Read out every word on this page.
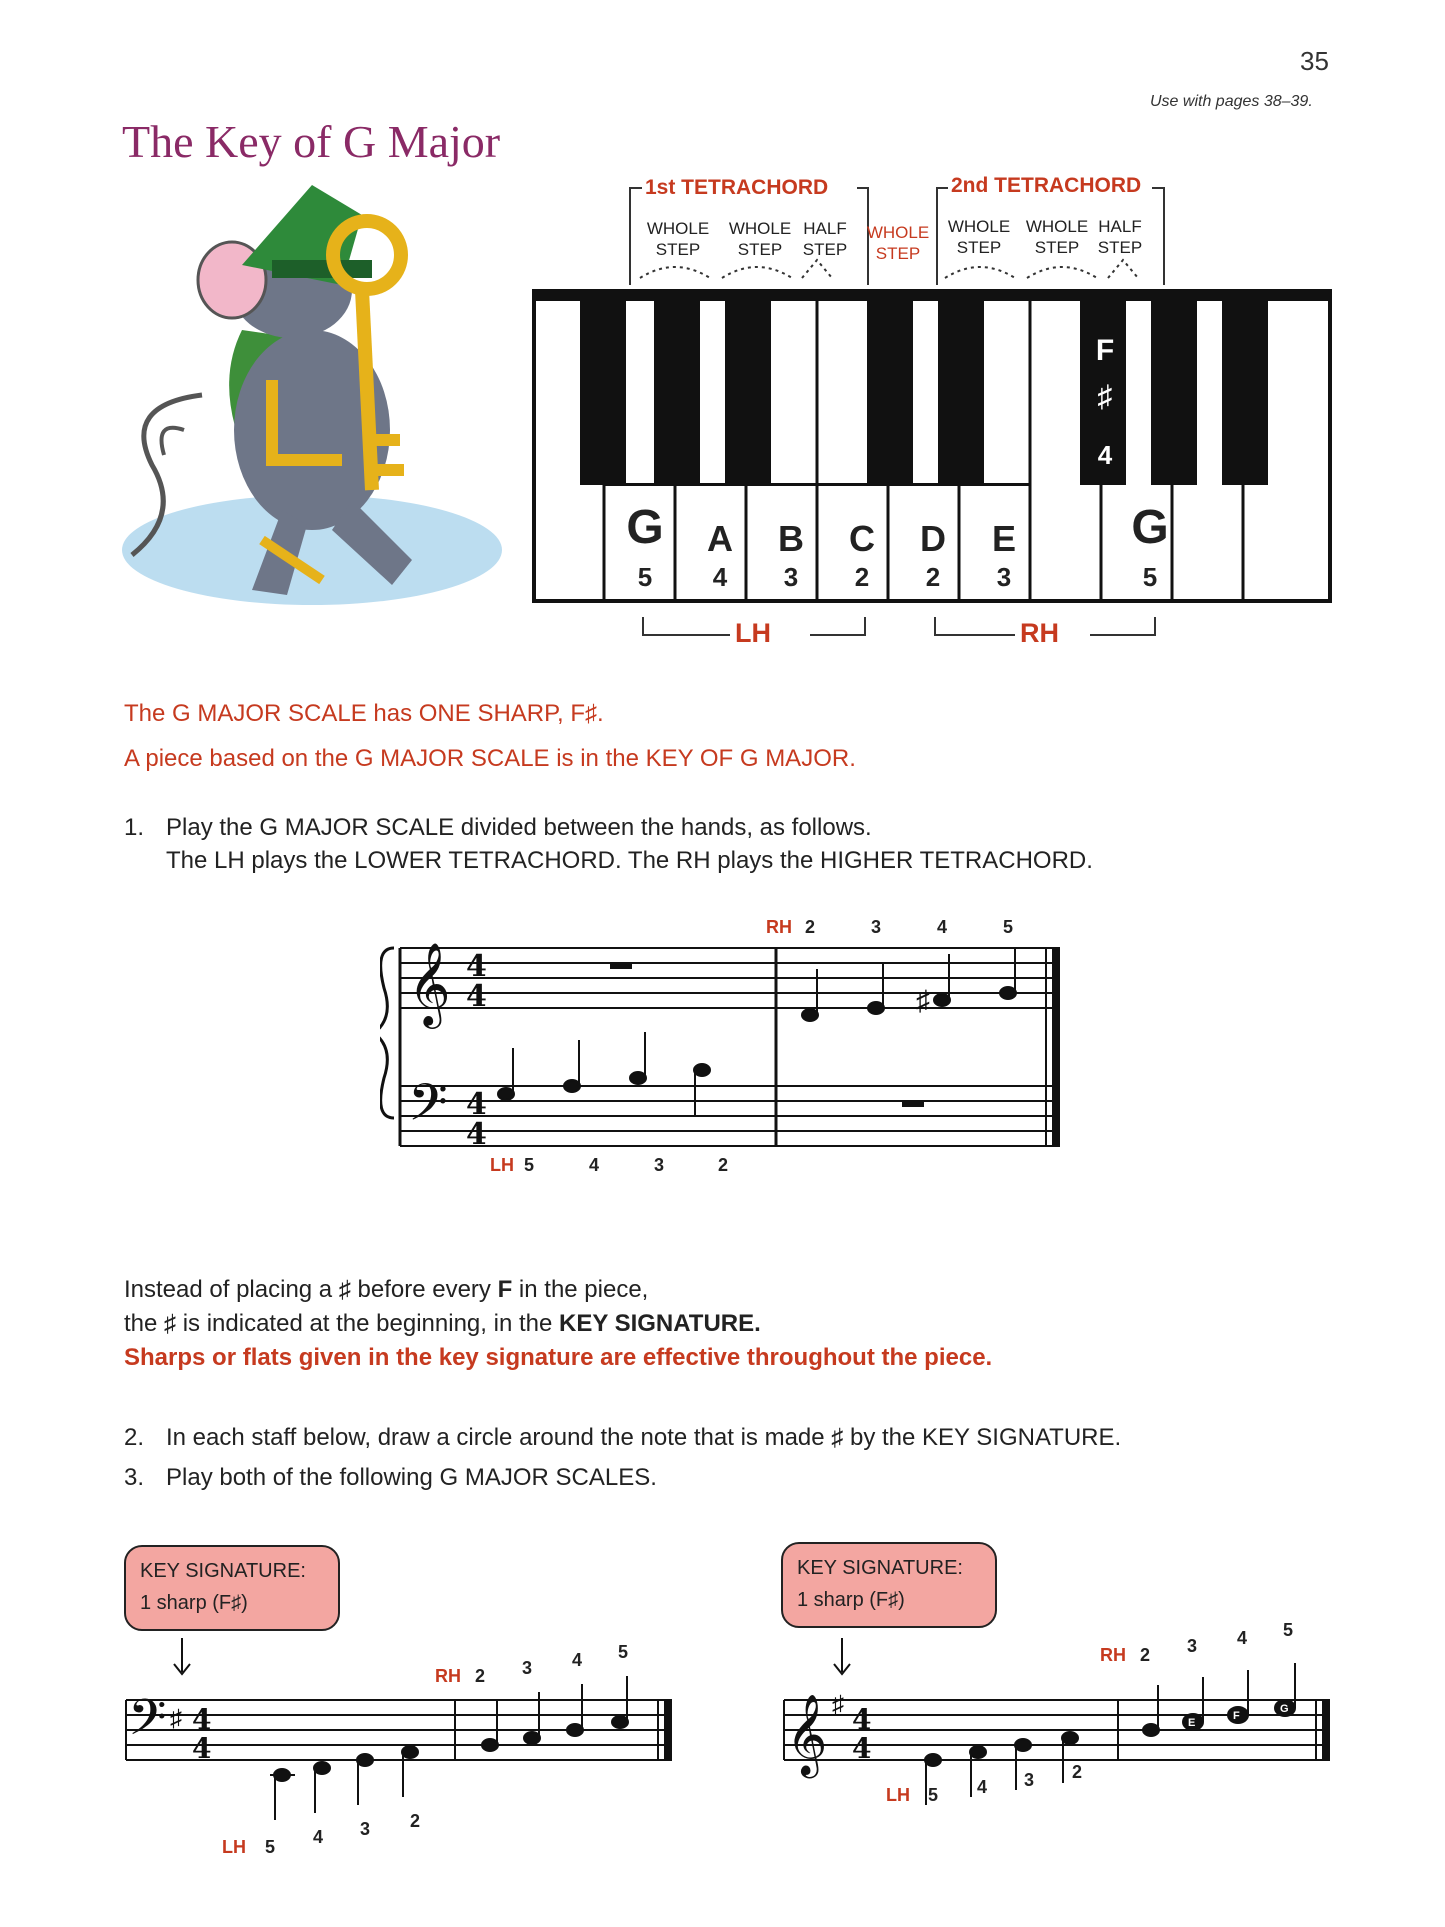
35
Use with pages 38–39.
The Key of G Major
1st TETRACHORD	2nd TETRACHORD
WHOLE
STEP
WHOLE
STEP
HALF
STEP
WHOLE
STEP
WHOLE
STEP
WHOLE
STEP
HALF
STEP
G
5
A
4
B
3
C
2
D
2
E
3
G
5
F
♯
4
LH	RH
The G MAJOR SCALE has ONE SHARP, F♯.
A piece based on the G MAJOR SCALE is in the KEY OF G MAJOR.
1. Play the G MAJOR SCALE divided between the hands, as follows.
The LH plays the LOWER TETRACHORD. The RH plays the HIGHER TETRACHORD.
𝄞
𝄢
4
4
4
4
♯
RH 2	3	4	5
LH 5	4	3	2
Instead of placing a ♯ before every F in the piece,
the ♯ is indicated at the beginning, in the KEY SIGNATURE.
Sharps or flats given in the key signature are effective throughout the piece.
2. In each staff below, draw a circle around the note that is made ♯ by the KEY SIGNATURE.
3. Play both of the following G MAJOR SCALES.
KEY SIGNATURE:
1 sharp (F♯)
KEY SIGNATURE:
1 sharp (F♯)
𝄢 ♯ 4
4
RH 2 3 4 5
LH 5 4 3 2
𝄞 ♯ 4
4
E
F
G
RH 2 3 4 5
LH 5 4 3 2
